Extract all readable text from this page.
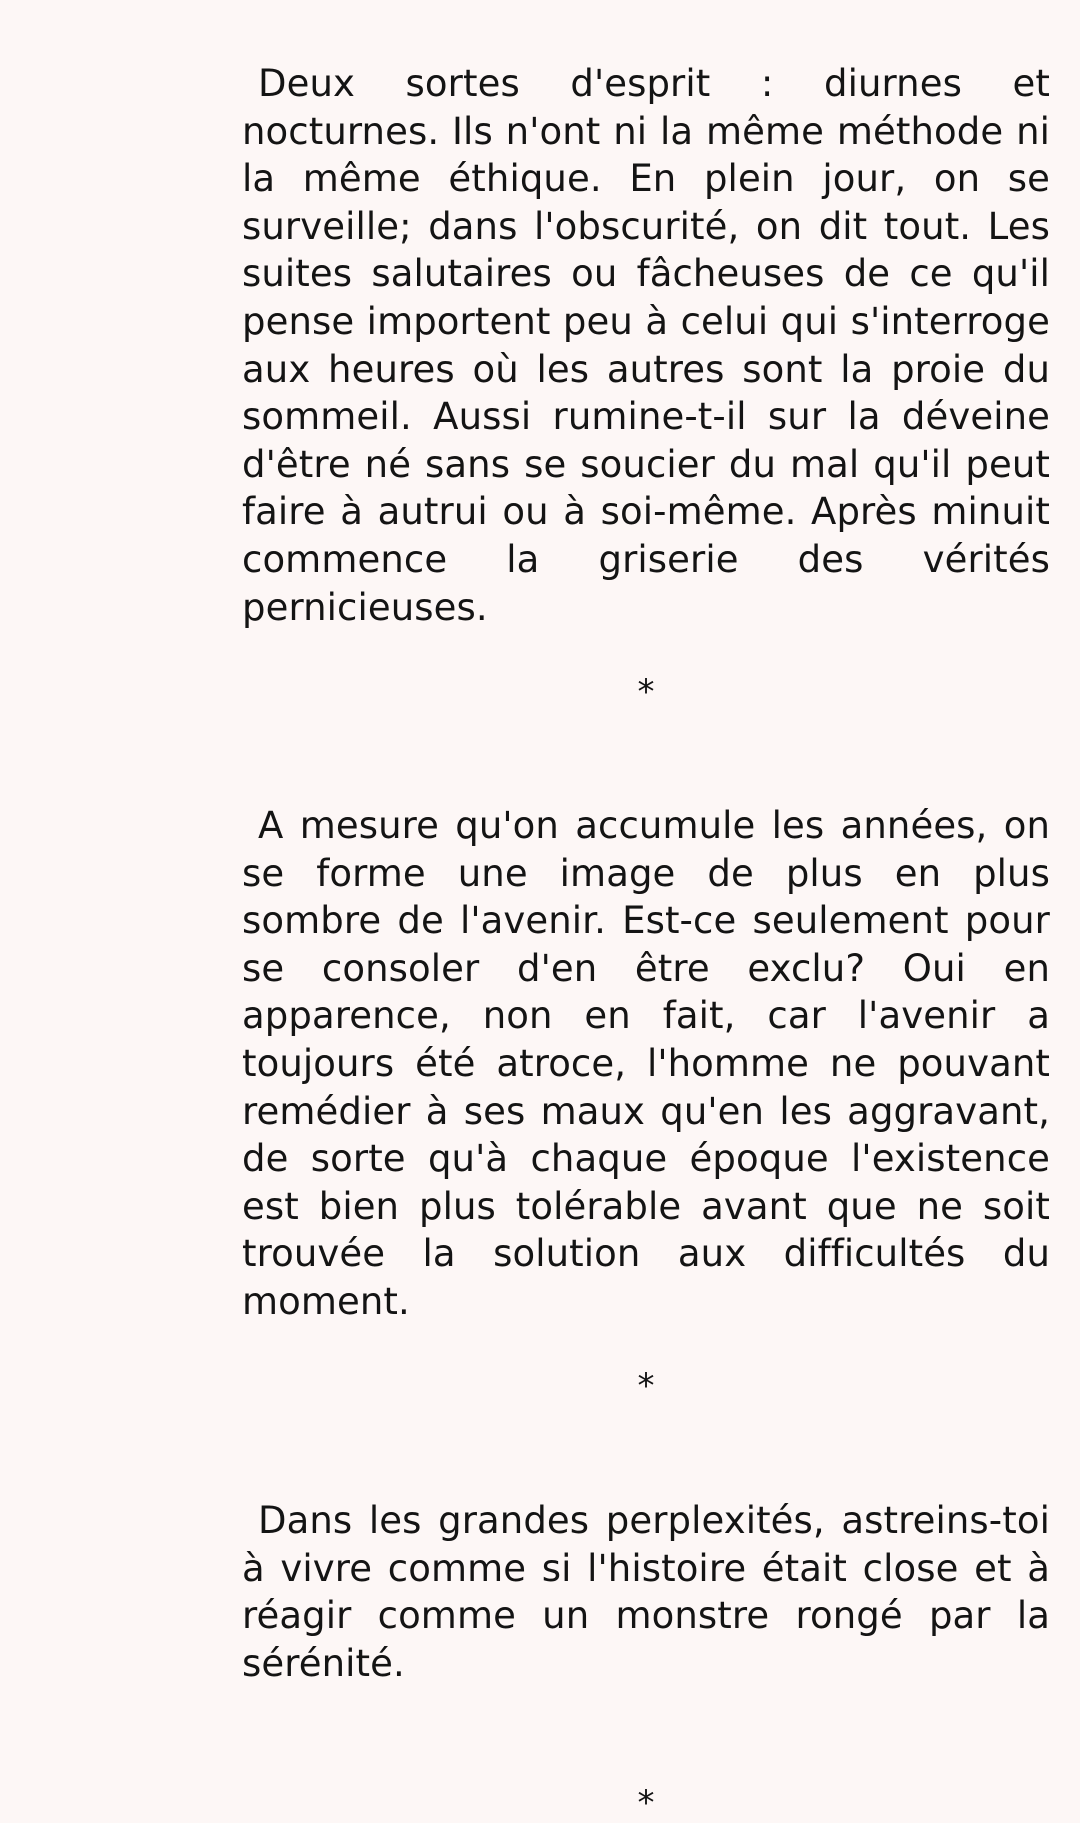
Deux sortes d'esprit : diurnes et nocturnes. Ils n'ont ni la même méthode ni la même éthique. En plein jour, on se surveille; dans l'obscurité, on dit tout. Les suites salutaires ou fâcheuses de ce qu'il pense importent peu à celui qui s'interroge aux heures où les autres sont la proie du sommeil. Aussi rumine-t-il sur la déveine d'être né sans se soucier du mal qu'il peut faire à autrui ou à soi-même. Après minuit commence la griserie des vérités pernicieuses.

*

A mesure qu'on accumule les années, on se forme une image de plus en plus sombre de l'avenir. Est-ce seulement pour se consoler d'en être exclu? Oui en apparence, non en fait, car l'avenir a toujours été atroce, l'homme ne pouvant remédier à ses maux qu'en les aggravant, de sorte qu'à chaque époque l'existence est bien plus tolérable avant que ne soit trouvée la solution aux difficultés du moment.

*

Dans les grandes perplexités, astreins-toi à vivre comme si l'histoire était close et à réagir comme un monstre rongé par la sérénité.

*
